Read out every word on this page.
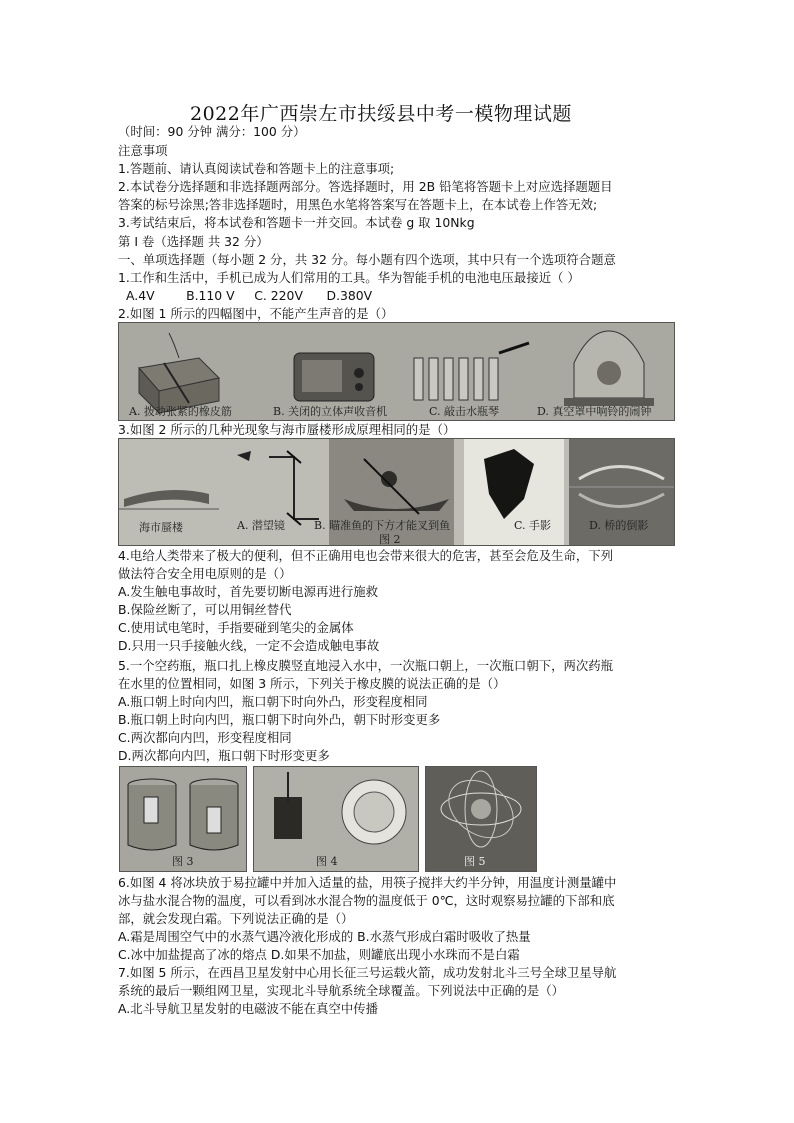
2022年广西崇左市扶绥县中考一模物理试题
（时间：90 分钟 满分：100 分）
注意事项
1.答题前、请认真阅读试卷和答题卡上的注意事项;
2.本试卷分选择题和非选择题两部分。答选择题时，用 2B 铅笔将答题卡上对应选择题题目
答案的标号涂黑;答非选择题时，用黑色水笔将答案写在答题卡上，在本试卷上作答无效;
3.考试结束后，将本试卷和答题卡一并交回。本试卷 g 取 10Nkg
第 I 卷（选择题 共 32 分）
一、单项选择题（每小题 2 分，共 32 分。每小题有四个选项，其中只有一个选项符合题意
1.工作和生活中，手机已成为人们常用的工具。华为智能手机的电池电压最接近（ ）
A.4V        B.110 V     C. 220V      D.380V
2.如图 1 所示的四幅图中，不能产生声音的是（）
A. 拨动张紧的橡皮筋	B. 关闭的立体声收音机	C. 敲击水瓶琴	D. 真空罩中响铃的闹钟
3.如图 2 所示的几种光现象与海市蜃楼形成原理相同的是（）
海市蜃楼	A. 潜望镜	B. 瞄准鱼的下方才能叉到鱼	C. 手影	D. 桥的倒影
图 2
4.电给人类带来了极大的便利，但不正确用电也会带来很大的危害，甚至会危及生命，下列
做法符合安全用电原则的是（）
A.发生触电事故时，首先要切断电源再进行施救
B.保险丝断了，可以用铜丝替代
C.使用试电笔时，手指要碰到笔尖的金属体
D.只用一只手接触火线，一定不会造成触电事故
5.一个空药瓶，瓶口扎上橡皮膜竖直地浸入水中，一次瓶口朝上，一次瓶口朝下，两次药瓶
在水里的位置相同，如图 3 所示，下列关于橡皮膜的说法正确的是（）
A.瓶口朝上时向内凹，瓶口朝下时向外凸，形变程度相同
B.瓶口朝上时向内凹，瓶口朝下时向外凸，朝下时形变更多
C.两次都向内凹，形变程度相同
D.两次都向内凹，瓶口朝下时形变更多
图 3	图 4	图 5
6.如图 4 将冰块放于易拉罐中并加入适量的盐，用筷子搅拌大约半分钟，用温度计测量罐中
冰与盐水混合物的温度，可以看到冰水混合物的温度低于 0℃，这时观察易拉罐的下部和底
部，就会发现白霜。下列说法正确的是（）
A.霜是周围空气中的水蒸气遇冷液化形成的 B.水蒸气形成白霜时吸收了热量
C.冰中加盐提高了冰的熔点 D.如果不加盐，则罐底出现小水珠而不是白霜
7.如图 5 所示，在西昌卫星发射中心用长征三号运载火箭，成功发射北斗三号全球卫星导航
系统的最后一颗组网卫星，实现北斗导航系统全球覆盖。下列说法中正确的是（）
A.北斗导航卫星发射的电磁波不能在真空中传播
